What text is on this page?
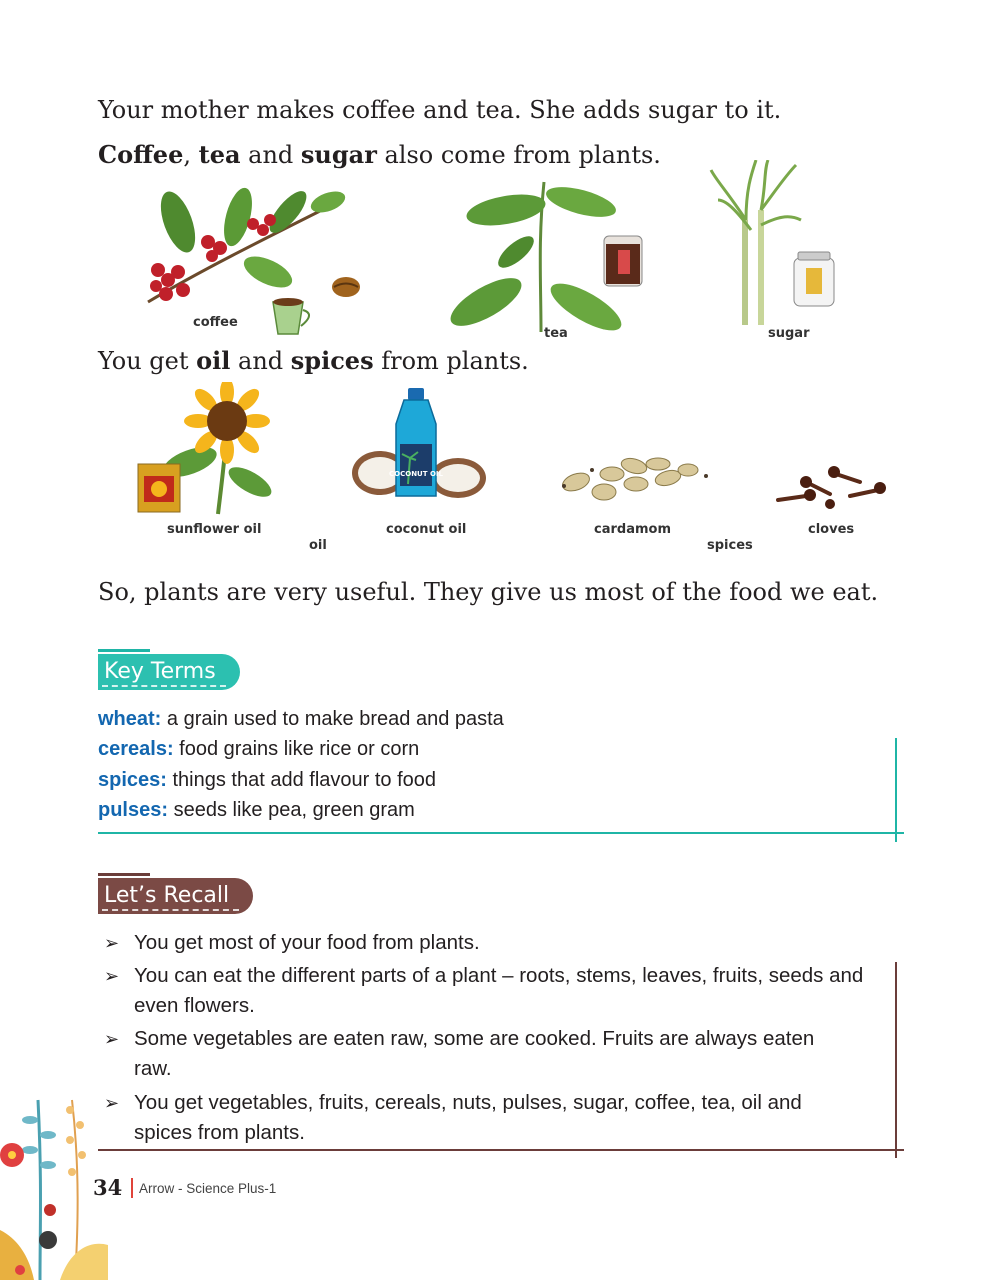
Your mother makes coffee and tea. She adds sugar to it.

Coffee, tea and sugar also come from plants.

coffee
tea	sugar

You get oil and spices from plants.

sunflower oil
oil
COCONUT OIL
coconut oil	cardamom
spices
cloves

So, plants are very useful. They give us most of the food we eat.

Key Terms
wheat: a grain used to make bread and pasta
cereals: food grains like rice or corn
spices: things that add flavour to food
pulses: seeds like pea, green gram
Let’s Recall
➢ You get most of your food from plants.
➢ You can eat the different parts of a plant – roots, stems, leaves, fruits, seeds and even flowers.
➢ Some vegetables are eaten raw, some are cooked. Fruits are always eaten raw.
➢ You get vegetables, fruits, cereals, nuts, pulses, sugar, coffee, tea, oil and spices from plants.
34 Arrow - Science Plus-1
